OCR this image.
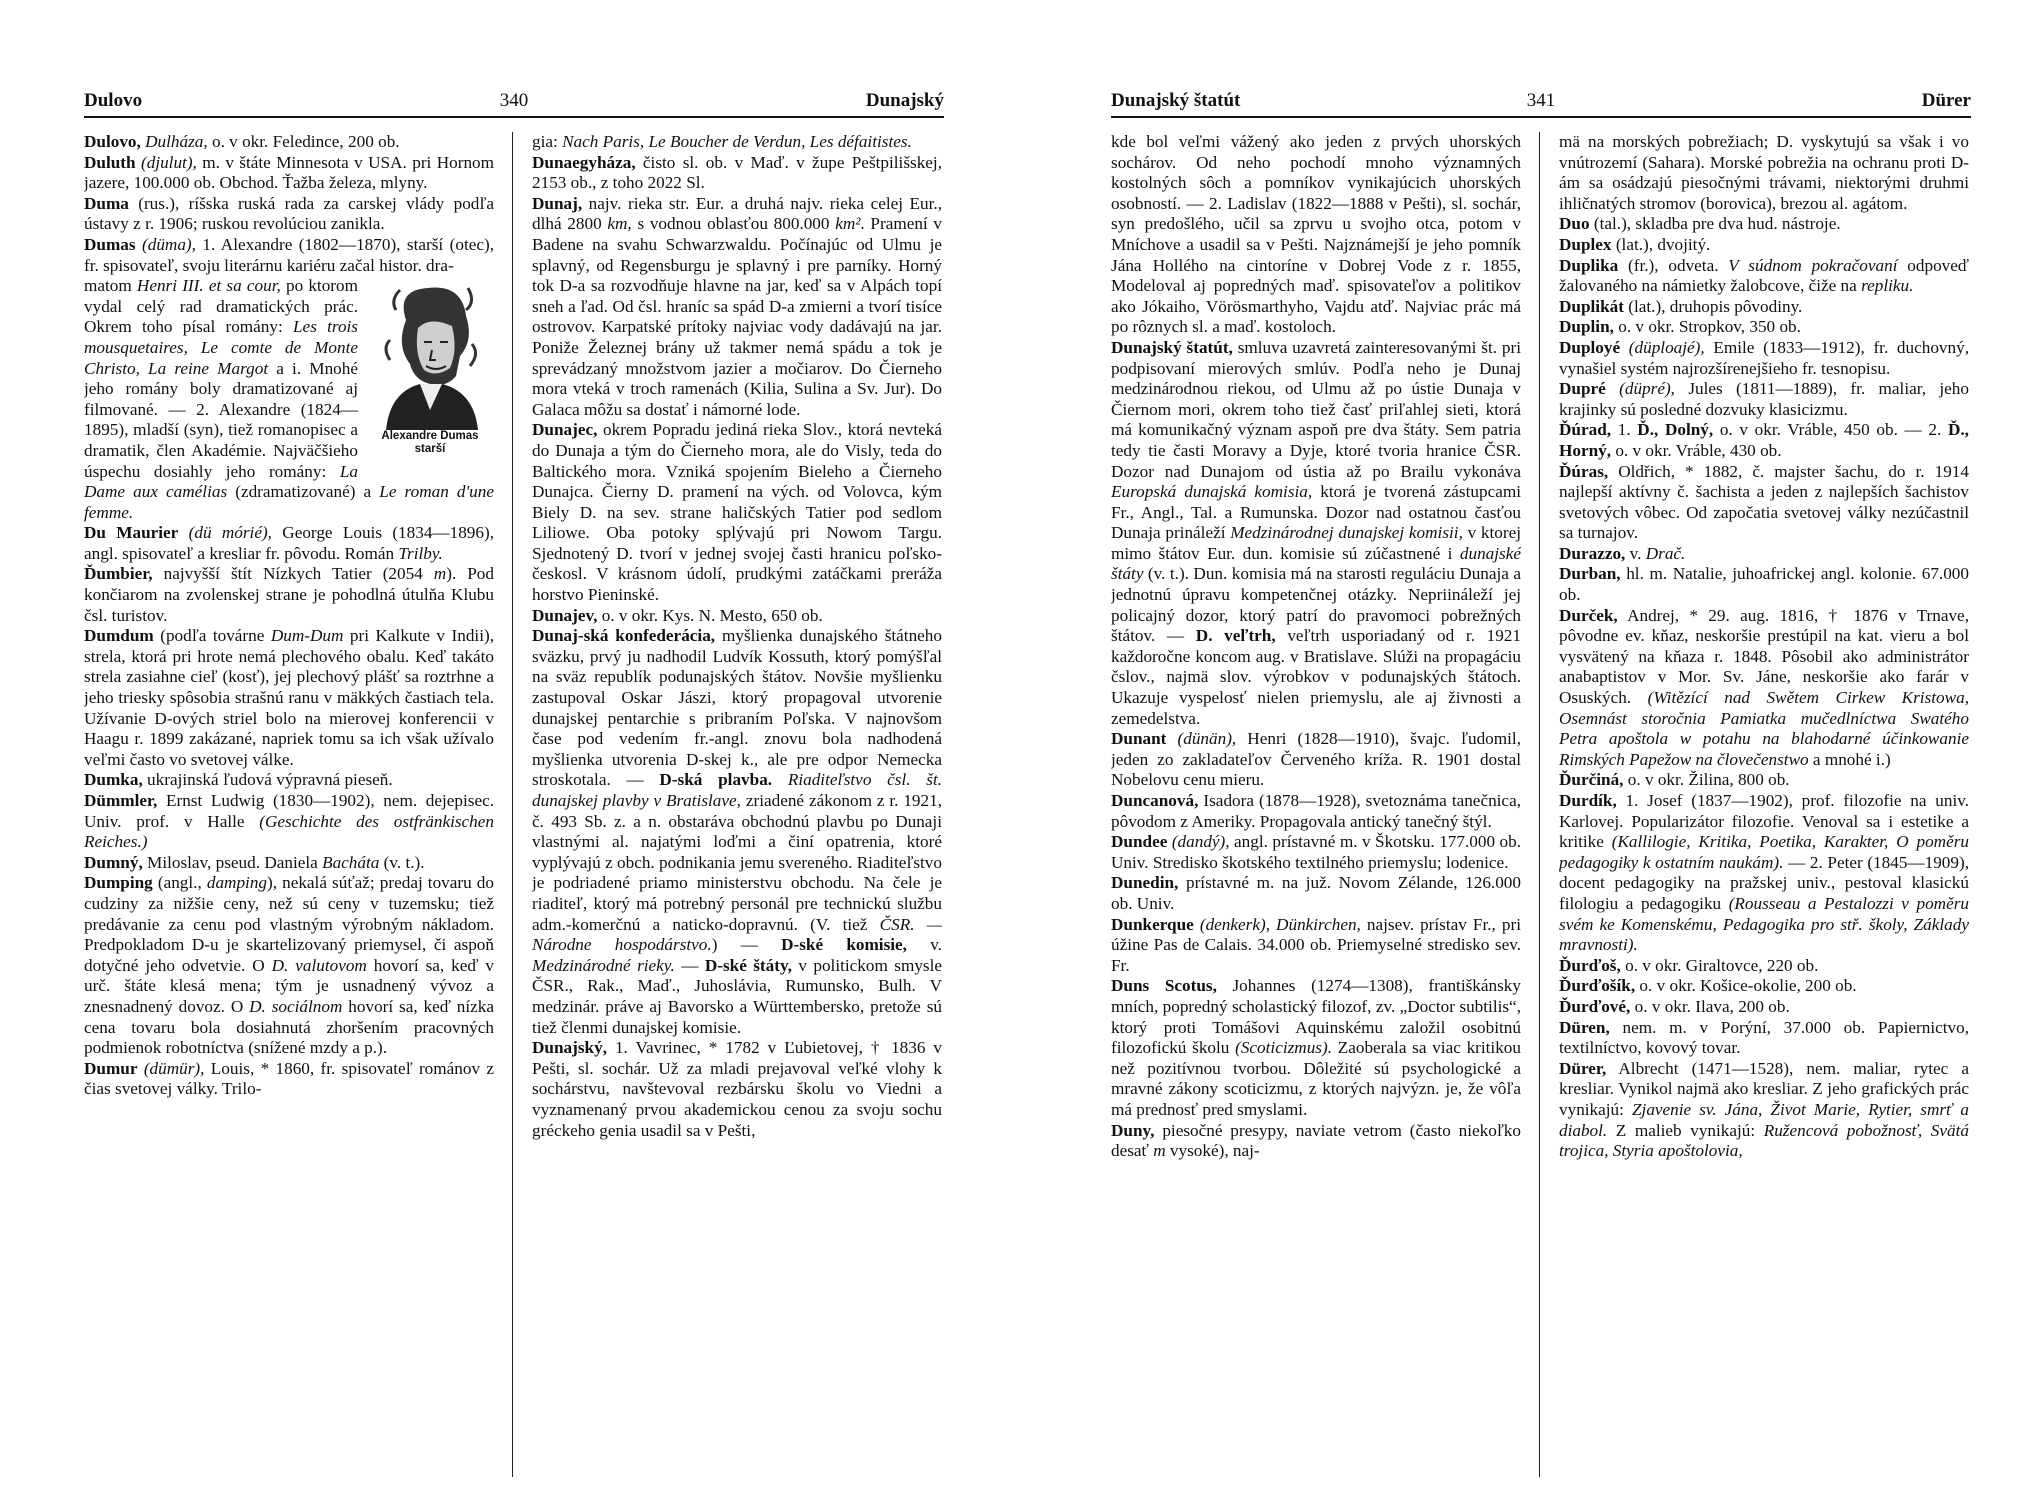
Dulovo	340	Dunajský

Dulovo, Dulháza, o. v okr. Feledince, 200 ob.

Duluth (djulut), m. v štáte Minnesota v USA. pri Hornom jazere, 100.000 ob. Obchod. Ťažba železa, mlyny.

Duma (rus.), ríšska ruská rada za carskej vlády podľa ústavy z r. 1906; ruskou revolúciou zanikla.

Dumas (düma), 1. Alexandre (1802—1870), starší (otec), fr. spisovateľ, svoju literárnu kariéru začal histor. dra-

Alexandre Dumas starší

matom Henri III. et sa cour, po ktorom vydal celý rad dramatických prác. Okrem toho písal romány: Les trois mousquetaires, Le comte de Monte Christo, La reine Margot a i. Mnohé jeho romány boly dramatizované aj filmované. — 2. Alexandre (1824—1895), mladší (syn), tiež romanopisec a dramatik, člen Akadémie. Najväčšieho úspechu dosiahly jeho romány: La Dame aux camélias (zdramatizované) a Le roman d'une femme.

Du Maurier (dü mórié), George Louis (1834—1896), angl. spisovateľ a kresliar fr. pôvodu. Román Trilby.

Ďumbier, najvyšší štít Nízkych Tatier (2054 m). Pod končiarom na zvolenskej strane je pohodlná útulňa Klubu čsl. turistov.

Dumdum (podľa továrne Dum-Dum pri Kalkute v Indii), strela, ktorá pri hrote nemá plechového obalu. Keď takáto strela zasiahne cieľ (kosť), jej plechový plášť sa roztrhne a jeho triesky spôsobia strašnú ranu v mäkkých častiach tela. Užívanie D-ových striel bolo na mierovej konferencii v Haagu r. 1899 zakázané, napriek tomu sa ich však užívalo veľmi často vo svetovej válke.

Dumka, ukrajinská ľudová výpravná pieseň.

Dümmler, Ernst Ludwig (1830—1902), nem. dejepisec. Univ. prof. v Halle (Geschichte des ostfränkischen Reiches.)

Dumný, Miloslav, pseud. Daniela Bacháta (v. t.).

Dumping (angl., damping), nekalá súťaž; predaj tovaru do cudziny za nižšie ceny, než sú ceny v tuzemsku; tiež predávanie za cenu pod vlastným výrobným nákladom. Predpokladom D-u je skartelizovaný priemysel, či aspoň dotyčné jeho odvetvie. O D. valutovom hovorí sa, keď v urč. štáte klesá mena; tým je usnadnený vývoz a znesnadnený dovoz. O D. sociálnom hovorí sa, keď nízka cena tovaru bola dosiahnutá zhoršením pracovných podmienok robotníctva (snížené mzdy a p.).

Dumur (dümür), Louis, * 1860, fr. spisovateľ románov z čias svetovej války. Trilo-

gia: Nach Paris, Le Boucher de Verdun, Les défaitistes.

Dunaegyháza, čisto sl. ob. v Maď. v župe Peštpilišskej, 2153 ob., z toho 2022 Sl.

Dunaj, najv. rieka str. Eur. a druhá najv. rieka celej Eur., dlhá 2800 km, s vodnou oblasťou 800.000 km². Pramení v Badene na svahu Schwarzwaldu. Počínajúc od Ulmu je splavný, od Regensburgu je splavný i pre parníky. Horný tok D-a sa rozvodňuje hlavne na jar, keď sa v Alpách topí sneh a ľad. Od čsl. hraníc sa spád D-a zmierni a tvorí tisíce ostrovov. Karpatské prítoky najviac vody dadávajú na jar. Poniže Železnej brány už takmer nemá spádu a tok je sprevádzaný množstvom jazier a močiarov. Do Čierneho mora vteká v troch ramenách (Kilia, Sulina a Sv. Jur). Do Galaca môžu sa dostať i námorné lode.

Dunajec, okrem Popradu jediná rieka Slov., ktorá nevteká do Dunaja a tým do Čierneho mora, ale do Visly, teda do Baltického mora. Vzniká spojením Bieleho a Čierneho Dunajca. Čierny D. pramení na vých. od Volovca, kým Biely D. na sev. strane haličských Tatier pod sedlom Liliowe. Oba potoky splývajú pri Nowom Targu. Sjednotený D. tvorí v jednej svojej časti hranicu poľsko-českosl. V krásnom údolí, prudkými zatáčkami preráža horstvo Pieninské.

Dunajev, o. v okr. Kys. N. Mesto, 650 ob.

Dunaj-ská konfederácia, myšlienka dunajského štátneho sväzku, prvý ju nadhodil Ludvík Kossuth, ktorý pomýšľal na sväz republík podunajských štátov. Novšie myšlienku zastupoval Oskar Jászi, ktorý propagoval utvorenie dunajskej pentarchie s pribraním Poľska. V najnovšom čase pod vedením fr.-angl. znovu bola nadhodená myšlienka utvorenia D-skej k., ale pre odpor Nemecka stroskotala. — D-ská plavba. Riaditeľstvo čsl. št. dunajskej plavby v Bratislave, zriadené zákonom z r. 1921, č. 493 Sb. z. a n. obstaráva obchodnú plavbu po Dunaji vlastnými al. najatými loďmi a činí opatrenia, ktoré vyplývajú z obch. podnikania jemu svereného. Riaditeľstvo je podriadené priamo ministerstvu obchodu. Na čele je riaditeľ, ktorý má potrebný personál pre technickú službu adm.-komerčnú a naticko-dopravnú. (V. tiež ČSR. — Národne hospodárstvo.) — D-ské komisie, v. Medzinárodné rieky. — D-ské štáty, v politickom smysle ČSR., Rak., Maď., Juhoslávia, Rumunsko, Bulh. V medzinár. práve aj Bavorsko a Württembersko, pretože sú tiež členmi dunajskej komisie.

Dunajský, 1. Vavrinec, * 1782 v Ľubietovej, † 1836 v Pešti, sl. sochár. Už za mladi prejavoval veľké vlohy k sochárstvu, navštevoval rezbársku školu vo Viedni a vyznamenaný prvou akademickou cenou za svoju sochu gréckeho genia usadil sa v Pešti,

Dunajský štatút	341	Dürer

kde bol veľmi vážený ako jeden z prvých uhorských sochárov. Od neho pochodí mnoho významných kostolných sôch a pomníkov vynikajúcich uhorských osobností. — 2. Ladislav (1822—1888 v Pešti), sl. sochár, syn predošlého, učil sa zprvu u svojho otca, potom v Mníchove a usadil sa v Pešti. Najznámejší je jeho pomník Jána Hollého na cintoríne v Dobrej Vode z r. 1855, Modeloval aj popredných maď. spisovateľov a politikov ako Jókaiho, Vörösmarthyho, Vajdu atď. Najviac prác má po rôznych sl. a maď. kostoloch.

Dunajský štatút, smluva uzavretá zainteresovanými št. pri podpisovaní mierových smlúv. Podľa neho je Dunaj medzinárodnou riekou, od Ulmu až po ústie Dunaja v Čiernom mori, okrem toho tiež časť priľahlej sieti, ktorá má komunikačný význam aspoň pre dva štáty. Sem patria tedy tie časti Moravy a Dyje, ktoré tvoria hranice ČSR. Dozor nad Dunajom od ústia až po Brailu vykonáva Europská dunajská komisia, ktorá je tvorená zástupcami Fr., Angl., Tal. a Rumunska. Dozor nad ostatnou časťou Dunaja prináleží Medzinárodnej dunajskej komisii, v ktorej mimo štátov Eur. dun. komisie sú zúčastnené i dunajské štáty (v. t.). Dun. komisia má na starosti reguláciu Dunaja a jednotnú úpravu kompetenčnej otázky. Nepriináleží jej policajný dozor, ktorý patrí do pravomoci pobrežných štátov. — D. veľtrh, veľtrh usporiadaný od r. 1921 každoročne koncom aug. v Bratislave. Slúži na propagáciu čslov., najmä slov. výrobkov v podunajských štátoch. Ukazuje vyspelosť nielen priemyslu, ale aj živnosti a zemedelstva.

Dunant (dünän), Henri (1828—1910), švajc. ľudomil, jeden zo zakladateľov Červeného kríža. R. 1901 dostal Nobelovu cenu mieru.

Duncanová, Isadora (1878—1928), svetoznáma tanečnica, pôvodom z Ameriky. Propagovala antický tanečný štýl.

Dundee (dandý), angl. prístavné m. v Škotsku. 177.000 ob. Univ. Stredisko škotského textilného priemyslu; lodenice.

Dunedin, prístavné m. na juž. Novom Zélande, 126.000 ob. Univ.

Dunkerque (denkerk), Dünkirchen, najsev. prístav Fr., pri úžine Pas de Calais. 34.000 ob. Priemyselné stredisko sev. Fr.

Duns Scotus, Johannes (1274—1308), františkánsky mních, popredný scholastický filozof, zv. „Doctor subtilis“, ktorý proti Tomášovi Aquinskému založil osobitnú filozofickú školu (Scoticizmus). Zaoberala sa viac kritikou než pozitívnou tvorbou. Dôležité sú psychologické a mravné zákony scoticizmu, z ktorých najvýzn. je, že vôľa má prednosť pred smyslami.

Duny, piesočné presypy, naviate vetrom (často niekoľko desať m vysoké), naj-

mä na morských pobrežiach; D. vyskytujú sa však i vo vnútrozemí (Sahara). Morské pobrežia na ochranu proti D-ám sa osádzajú piesočnými trávami, niektorými druhmi ihličnatých stromov (borovica), brezou al. agátom.

Duo (tal.), skladba pre dva hud. nástroje.

Duplex (lat.), dvojitý.

Duplika (fr.), odveta. V súdnom pokračovaní odpoveď žalovaného na námietky žalobcove, čiže na repliku.

Duplikát (lat.), druhopis pôvodiny.

Duplin, o. v okr. Stropkov, 350 ob.

Duployé (düploajé), Emile (1833—1912), fr. duchovný, vynašiel systém najrozšírenejšieho fr. tesnopisu.

Dupré (düpré), Jules (1811—1889), fr. maliar, jeho krajinky sú posledné dozvuky klasicizmu.

Ďúrad, 1. Ď., Dolný, o. v okr. Vráble, 450 ob. — 2. Ď., Horný, o. v okr. Vráble, 430 ob.

Ďúras, Oldřich, * 1882, č. majster šachu, do r. 1914 najlepší aktívny č. šachista a jeden z najlepších šachistov svetových vôbec. Od započatia svetovej války nezúčastnil sa turnajov.

Durazzo, v. Drač.

Durban, hl. m. Natalie, juhoafrickej angl. kolonie. 67.000 ob.

Durček, Andrej, * 29. aug. 1816, † 1876 v Trnave, pôvodne ev. kňaz, neskoršie prestúpil na kat. vieru a bol vysvätený na kňaza r. 1848. Pôsobil ako administrátor anabaptistov v Mor. Sv. Jáne, neskoršie ako farár v Osuských. (Witězící nad Swětem Cirkew Kristowa, Osemnást storočnia Pamiatka mučedlníctwa Swatého Petra apoštola w potahu na blahodarné účinkowanie Rimských Papežow na človečenstwo a mnohé i.)

Ďurčiná, o. v okr. Žilina, 800 ob.

Durdík, 1. Josef (1837—1902), prof. filozofie na univ. Karlovej. Popularizátor filozofie. Venoval sa i estetike a kritike (Kallilogie, Kritika, Poetika, Karakter, O poměru pedagogiky k ostatním naukám). — 2. Peter (1845—1909), docent pedagogiky na pražskej univ., pestoval klasickú filologiu a pedagogiku (Rousseau a Pestalozzi v poměru svém ke Komenskému, Pedagogika pro stř. školy, Základy mravnosti).

Ďurďoš, o. v okr. Giraltovce, 220 ob.

Ďurďošík, o. v okr. Košice-okolie, 200 ob.

Ďurďové, o. v okr. Ilava, 200 ob.

Düren, nem. m. v Porýní, 37.000 ob. Papiernictvo, textilníctvo, kovový tovar.

Dürer, Albrecht (1471—1528), nem. maliar, rytec a kresliar. Vynikol najmä ako kresliar. Z jeho grafických prác vynikajú: Zjavenie sv. Jána, Život Marie, Rytier, smrť a diabol. Z malieb vynikajú: Ružencová pobožnosť, Svätá trojica, Styria apoštolovia,
